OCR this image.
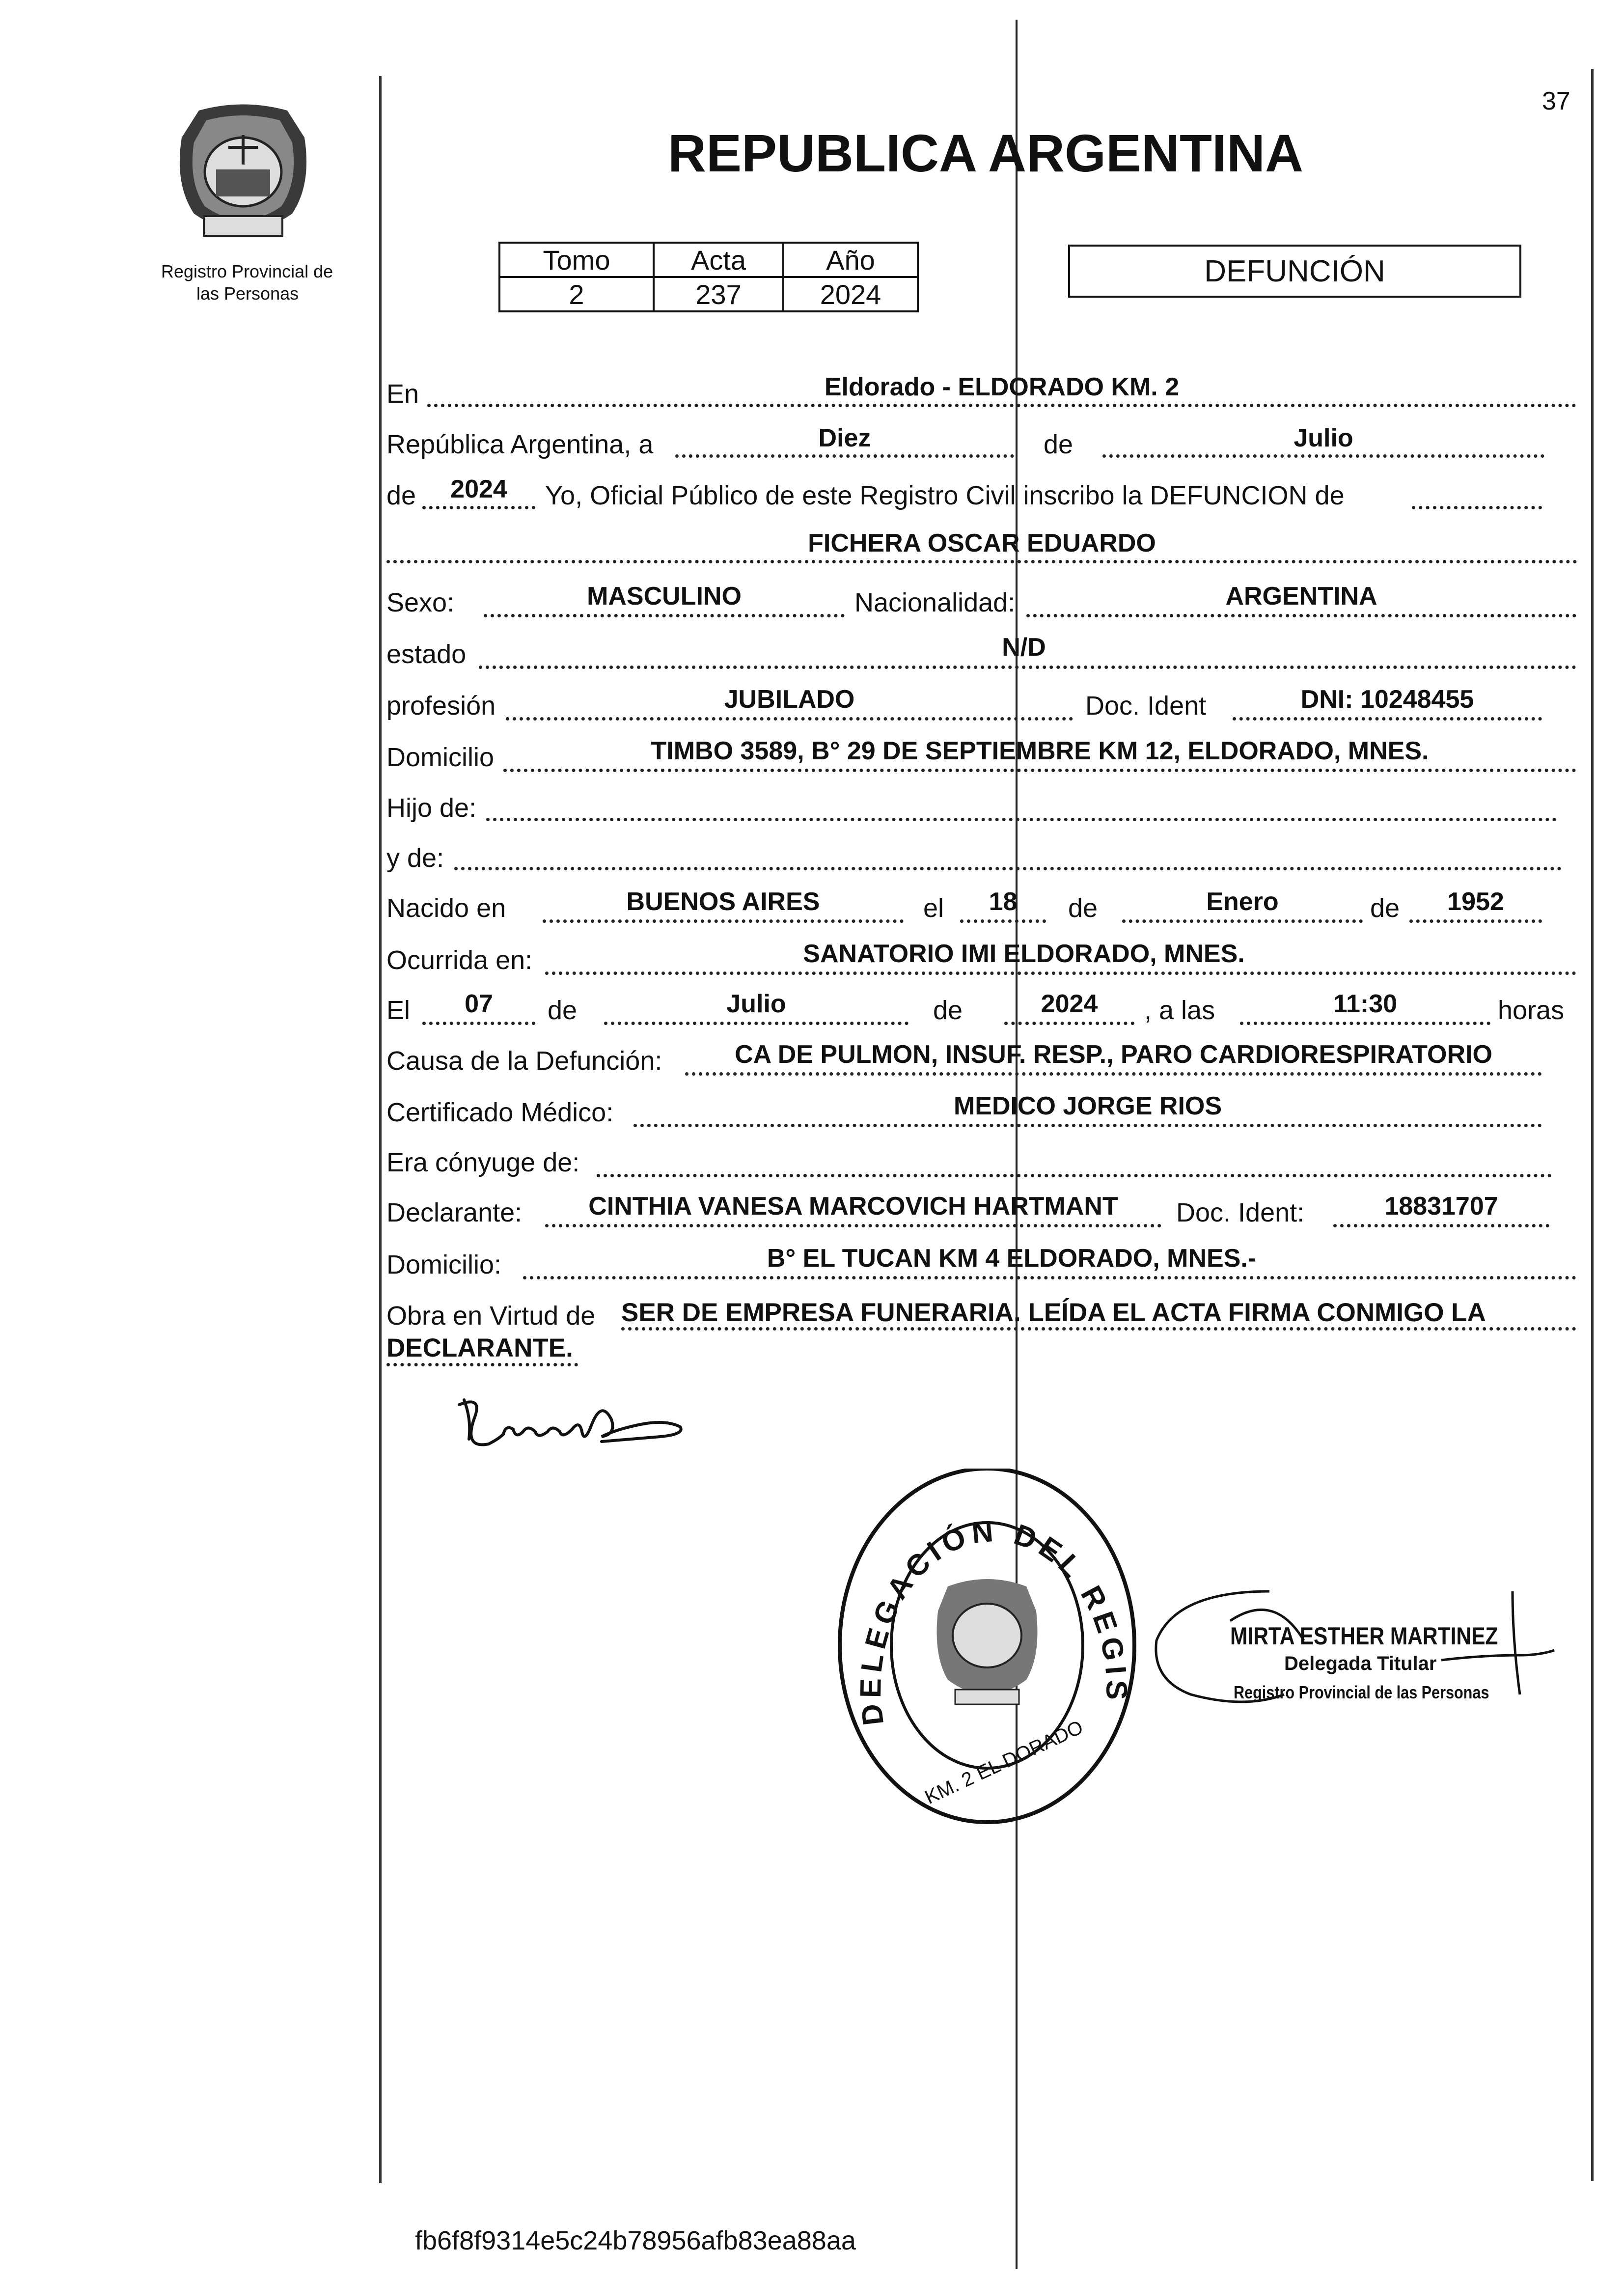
37
Registro Provincial de
las Personas
REPUBLICA ARGENTINA
Tomo	Acta	Año
2	237	2024
DEFUNCIÓN
En	Eldorado - ELDORADO KM. 2
República Argentina, a	Diez	de	Julio
de	2024	Yo, Oficial Público de este Registro Civil inscribo la DEFUNCION de
FICHERA OSCAR EDUARDO
Sexo:	MASCULINO	Nacionalidad:	ARGENTINA
estado	N/D
profesión	JUBILADO	Doc. Ident	DNI: 10248455
Domicilio	TIMBO 3589, B° 29 DE SEPTIEMBRE KM 12, ELDORADO, MNES.
Hijo de:
y de:
Nacido en	BUENOS AIRES	el	18	de	Enero	de	1952
Ocurrida en:	SANATORIO IMI ELDORADO, MNES.
El	07	de	Julio	de	2024	, a las	11:30	horas
Causa de la Defunción:	CA DE PULMON, INSUF. RESP., PARO CARDIORESPIRATORIO
Certificado Médico:	MEDICO JORGE RIOS
Era cónyuge de:
Declarante:	CINTHIA VANESA MARCOVICH HARTMANT	Doc. Ident:	18831707
Domicilio:	B° EL TUCAN KM 4 ELDORADO, MNES.-
Obra en Virtud de SER DE EMPRESA FUNERARIA. LEÍDA EL ACTA FIRMA CONMIGO LA
DECLARANTE.
DELEGACIÓN DEL REGIS
KM. 2 EL DORADO
MIRTA ESTHER MARTINEZ
Delegada Titular
Registro Provincial de las Personas
fb6f8f9314e5c24b78956afb83ea88aa
